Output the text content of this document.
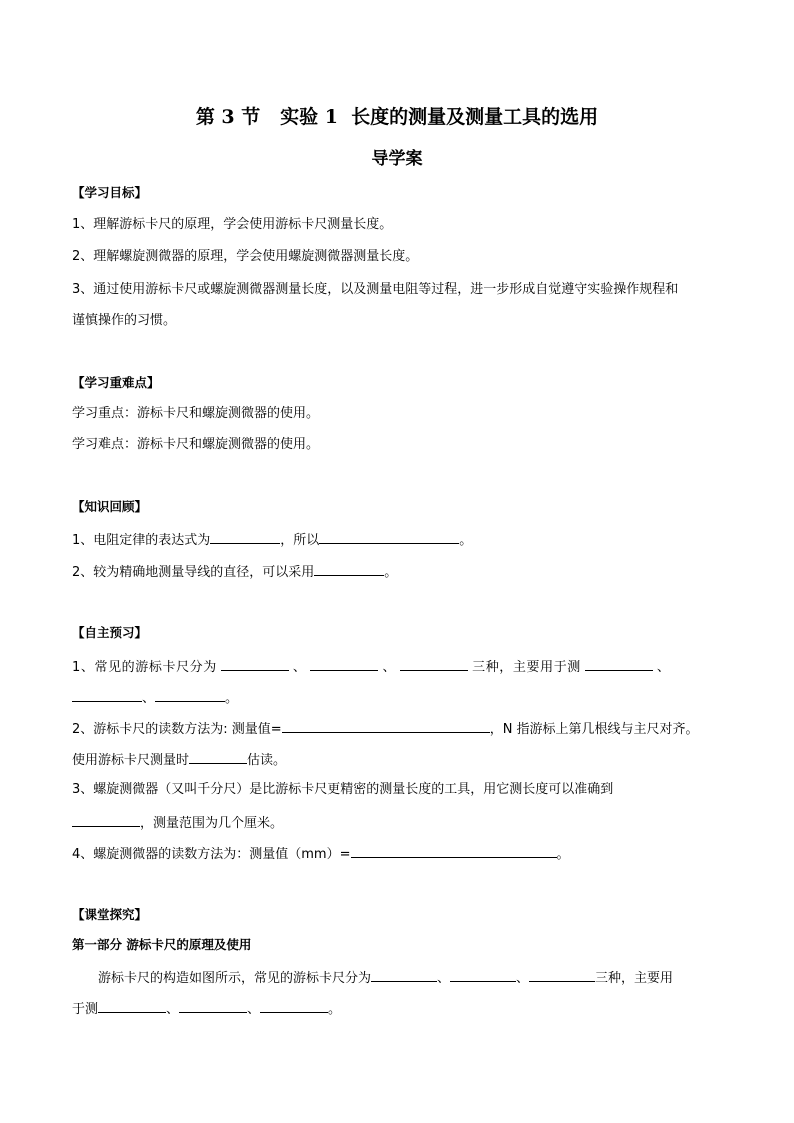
第 3 节   实验 1  长度的测量及测量工具的选用
导学案
【学习目标】
1、理解游标卡尺的原理，学会使用游标卡尺测量长度。
2、理解螺旋测微器的原理，学会使用螺旋测微器测量长度。
3、通过使用游标卡尺或螺旋测微器测量长度，以及测量电阻等过程，进一步形成自觉遵守实验操作规程和
谨慎操作的习惯。
【学习重难点】
学习重点：游标卡尺和螺旋测微器的使用。
学习难点：游标卡尺和螺旋测微器的使用。
【知识回顾】
1、电阻定律的表达式为	，所以	。
2、较为精确地测量导线的直径，可以采用	。
【自主预习】
1、常见的游标卡尺分为	、	、	三种，主要用于测	、
、	。
2、游标卡尺的读数方法为: 测量值=	，N 指游标上第几根线与主尺对齐。
使用游标卡尺测量时	估读。
3、螺旋测微器（又叫千分尺）是比游标卡尺更精密的测量长度的工具，用它测长度可以准确到
，测量范围为几个厘米。
4、螺旋测微器的读数方法为：测量值（mm）=	。
【课堂探究】
第一部分 游标卡尺的原理及使用
游标卡尺的构造如图所示，常见的游标卡尺分为	、	、	三种，主要用
于测	、	、	。
